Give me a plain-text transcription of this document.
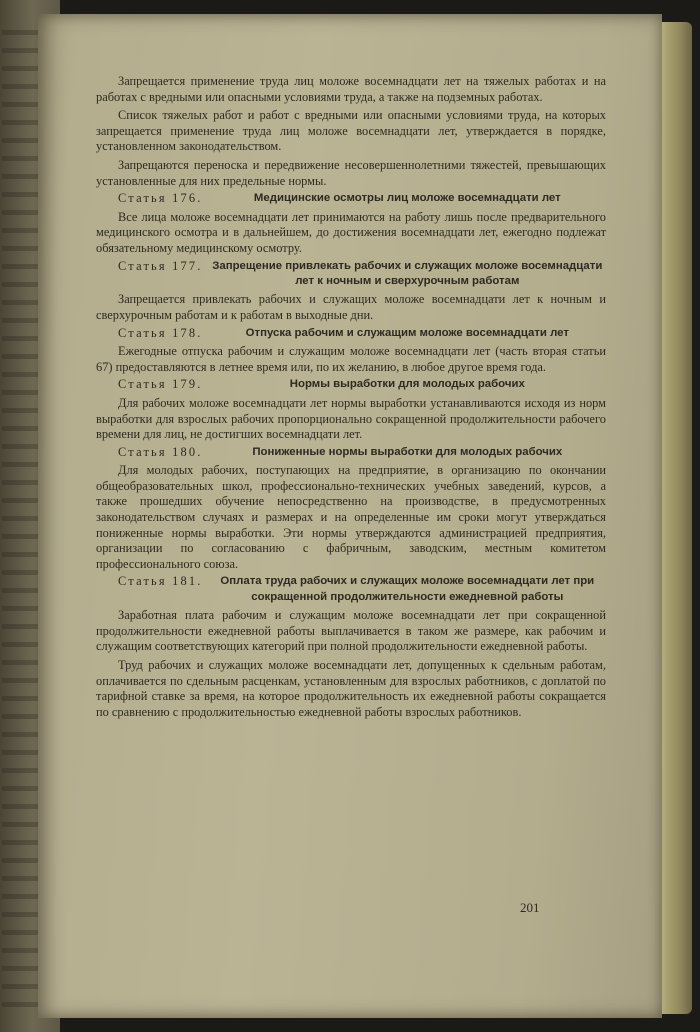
Запрещается применение труда лиц моложе восемнадцати лет на тяжелых работах и на работах с вредными или опасными условиями труда, а также на подземных работах.

Список тяжелых работ и работ с вредными или опасными условиями труда, на которых запрещается применение труда лиц моложе восемнадцати лет, утверждается в порядке, установленном законодательством.

Запрещаются переноска и передвижение несовершеннолетними тяжестей, превышающих установленные для них предельные нормы.

Статья 176.	Медицинские осмотры лиц моложе восемнадцати лет

Все лица моложе восемнадцати лет принимаются на работу лишь после предварительного медицинского осмотра и в дальнейшем, до достижения восемнадцати лет, ежегодно подлежат обязательному медицинскому осмотру.

Статья 177. Запрещение привлекать рабочих и служащих моложе восемнадцати лет к ночным и сверхурочным работам

Запрещается привлекать рабочих и служащих моложе восемнадцати лет к ночным и сверхурочным работам и к работам в выходные дни.

Статья 178.	Отпуска рабочим и служащим моложе восемнадцати лет

Ежегодные отпуска рабочим и служащим моложе восемнадцати лет (часть вторая статьи 67) предоставляются в летнее время или, по их желанию, в любое другое время года.

Статья 179.	Нормы выработки для молодых рабочих

Для рабочих моложе восемнадцати лет нормы выработки устанавливаются исходя из норм выработки для взрослых рабочих пропорционально сокращенной продолжительности рабочего времени для лиц, не достигших восемнадцати лет.

Статья 180.	Пониженные нормы выработки для молодых рабочих

Для молодых рабочих, поступающих на предприятие, в организацию по окончании общеобразовательных школ, профессионально-технических учебных заведений, курсов, а также прошедших обучение непосредственно на производстве, в предусмотренных законодательством случаях и размерах и на определенные им сроки могут утверждаться пониженные нормы выработки. Эти нормы утверждаются администрацией предприятия, организации по согласованию с фабричным, заводским, местным комитетом профессионального союза.

Статья 181.	Оплата труда рабочих и служащих моложе восемнадцати лет при сокращенной продолжительности ежедневной работы

Заработная плата рабочим и служащим моложе восемнадцати лет при сокращенной продолжительности ежедневной работы выплачивается в таком же размере, как рабочим и служащим соответствующих категорий при полной продолжительности ежедневной работы.

Труд рабочих и служащих моложе восемнадцати лет, допущенных к сдельным работам, оплачивается по сдельным расценкам, установленным для взрослых работников, с доплатой по тарифной ставке за время, на которое продолжительность их ежедневной работы сокращается по сравнению с продолжительностью ежедневной работы взрослых работников.

201
